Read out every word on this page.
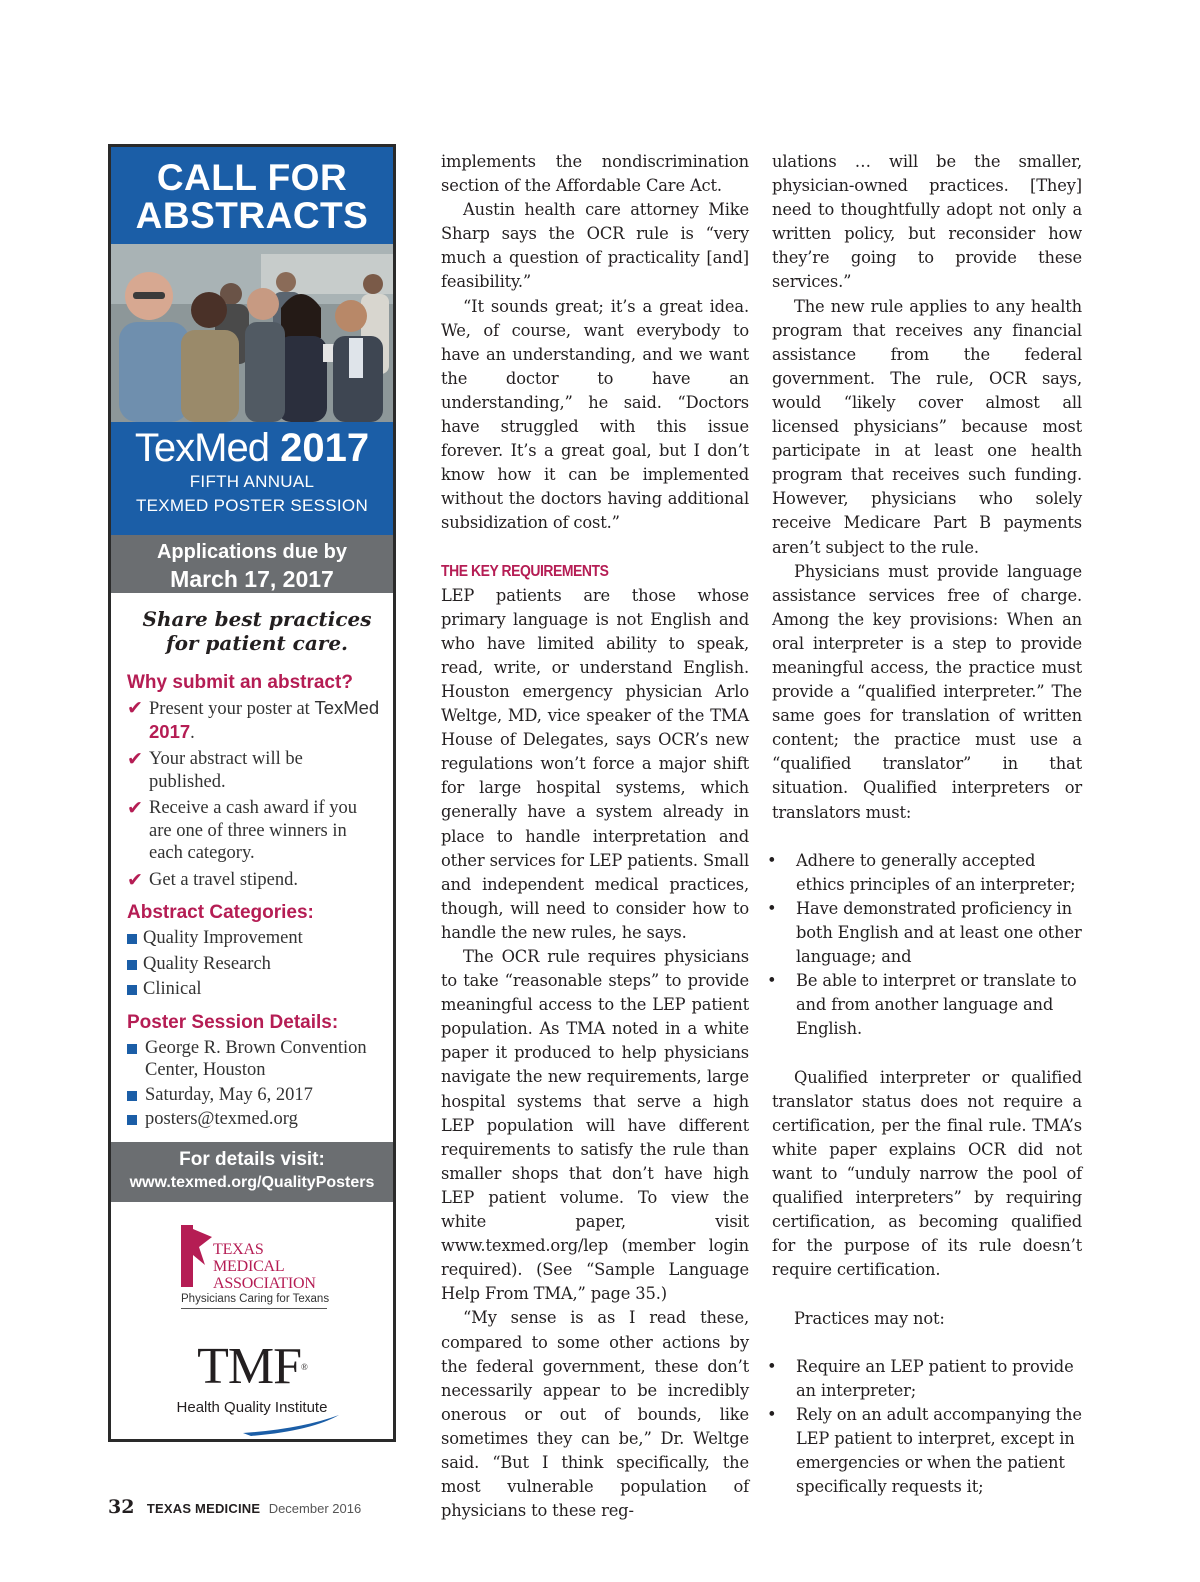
CALL FOR
ABSTRACTS
TexMed 2017
FIFTH ANNUAL
TEXMED POSTER SESSION
Applications due by
March 17, 2017
Share best practices
for patient care.
Why submit an abstract?
✔ Present your poster at TexMed 2017.
✔ Your abstract will be published.
✔ Receive a cash award if you are one of three winners in each category.
✔ Get a travel stipend.
Abstract Categories:
Quality Improvement
Quality Research
Clinical
Poster Session Details:
George R. Brown Convention Center, Houston
Saturday, May 6, 2017
posters@texmed.org
For details visit:
www.texmed.org/QualityPosters
TEXAS MEDICAL
ASSOCIATION
Physicians Caring for Texans
TMF®
Health Quality Institute

implements the nondiscrimination section of the Affordable Care Act.

Austin health care attorney Mike Sharp says the OCR rule is “very much a question of practicality [and] feasibility.”

“It sounds great; it’s a great idea. We, of course, want everybody to have an understanding, and we want the doctor to have an understanding,” he said. “Doctors have struggled with this issue forever. It’s a great goal, but I don’t know how it can be implemented without the doctors having additional subsidization of cost.”

THE KEY REQUIREMENTS

LEP patients are those whose primary language is not English and who have limited ability to speak, read, write, or understand English. Houston emergency physician Arlo Weltge, MD, vice speaker of the TMA House of Delegates, says OCR’s new regulations won’t force a major shift for large hospital systems, which generally have a system already in place to handle interpretation and other services for LEP patients. Small and independent medical practices, though, will need to consider how to handle the new rules, he says.

The OCR rule requires physicians to take “reasonable steps” to provide meaningful access to the LEP patient population. As TMA noted in a white paper it produced to help physicians navigate the new requirements, large hospital systems that serve a high LEP population will have different requirements to satisfy the rule than smaller shops that don’t have high LEP patient volume. To view the white paper, visit www.texmed.org/lep (member login required). (See “Sample Language Help From TMA,” page 35.)

“My sense is as I read these, compared to some other actions by the federal government, these don’t necessarily appear to be incredibly onerous or out of bounds, like sometimes they can be,” Dr. Weltge said. “But I think specifically, the most vulnerable population of physicians to these reg-

ulations … will be the smaller, physician-owned practices. [They] need to thoughtfully adopt not only a written policy, but reconsider how they’re going to provide these services.”

The new rule applies to any health program that receives any financial assistance from the federal government. The rule, OCR says, would “likely cover almost all licensed physicians” because most participate in at least one health program that receives such funding. However, physicians who solely receive Medicare Part B payments aren’t subject to the rule.

Physicians must provide language assistance services free of charge. Among the key provisions: When an oral interpreter is a step to provide meaningful access, the practice must provide a “qualified interpreter.” The same goes for translation of written content; the practice must use a “qualified translator” in that situation. Qualified interpreters or translators must:

• Adhere to generally accepted ethics principles of an interpreter;

• Have demonstrated proficiency in both English and at least one other language; and

• Be able to interpret or translate to and from another language and English.

Qualified interpreter or qualified translator status does not require a certification, per the final rule. TMA’s white paper explains OCR did not want to “unduly narrow the pool of qualified interpreters” by requiring certification, as becoming qualified for the purpose of its rule doesn’t require certification.

Practices may not:

• Require an LEP patient to provide an interpreter;

• Rely on an adult accompanying the LEP patient to interpret, except in emergencies or when the patient specifically requests it;

32 TEXAS MEDICINE December 2016
